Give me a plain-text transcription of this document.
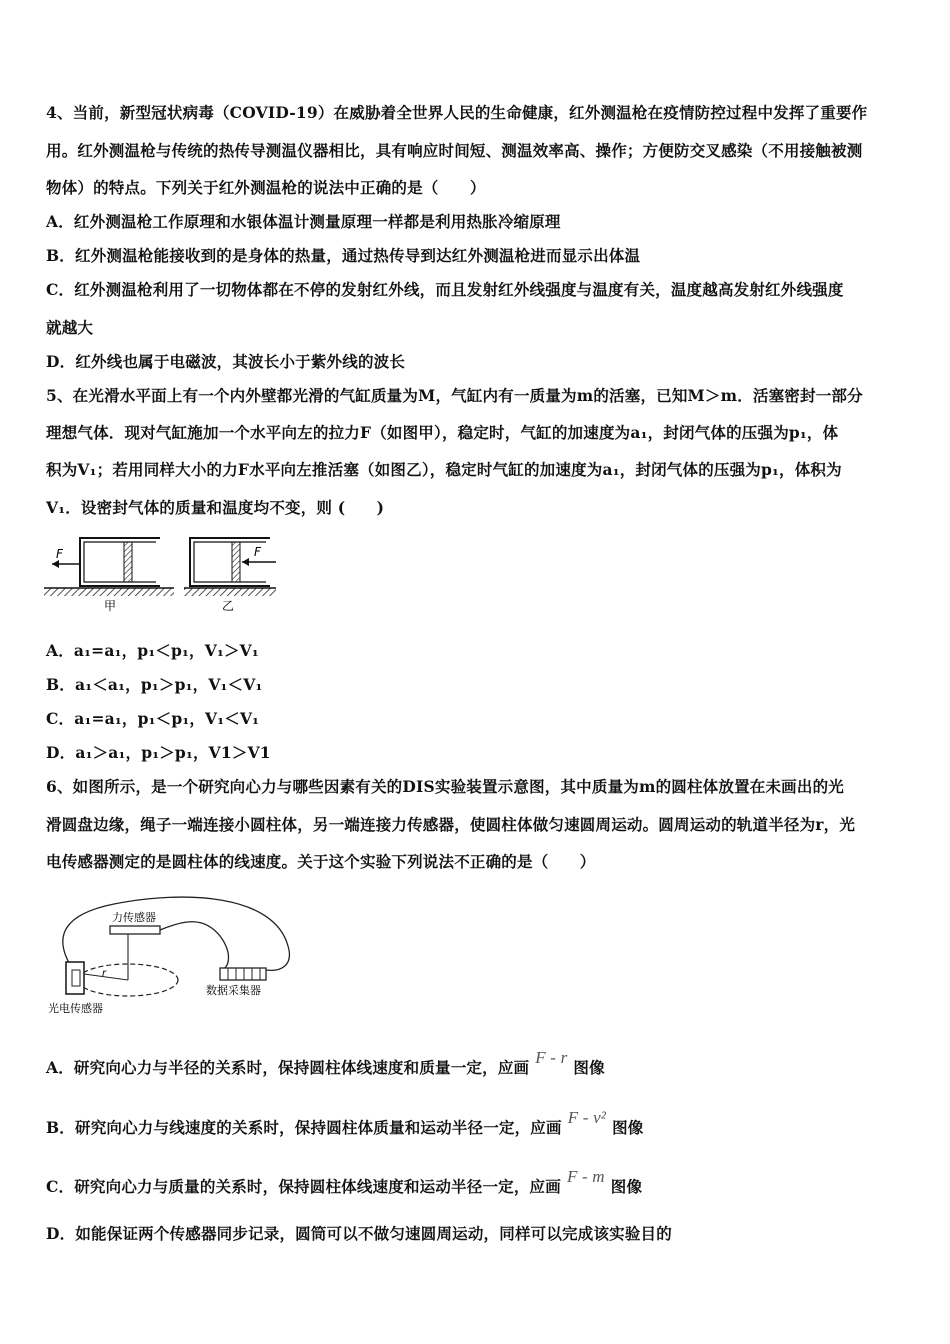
4、当前，新型冠状病毒（COVID-19）在威胁着全世界人民的生命健康，红外测温枪在疫情防控过程中发挥了重要作
用。红外测温枪与传统的热传导测温仪器相比，具有响应时间短、测温效率高、操作；方便防交叉感染（不用接触被测
物体）的特点。下列关于红外测温枪的说法中正确的是（　　）
A．红外测温枪工作原理和水银体温计测量原理一样都是利用热胀冷缩原理
B．红外测温枪能接收到的是身体的热量，通过热传导到达红外测温枪进而显示出体温
C．红外测温枪利用了一切物体都在不停的发射红外线，而且发射红外线强度与温度有关，温度越高发射红外线强度
就越大
D．红外线也属于电磁波，其波长小于紫外线的波长
5、在光滑水平面上有一个内外壁都光滑的气缸质量为M，气缸内有一质量为m的活塞，已知M＞m．活塞密封一部分
理想气体．现对气缸施加一个水平向左的拉力F（如图甲），稳定时，气缸的加速度为a₁，封闭气体的压强为p₁，体
积为V₁；若用同样大小的力F水平向左推活塞（如图乙），稳定时气缸的加速度为a₁，封闭气体的压强为p₁，体积为
V₁．设密封气体的质量和温度均不变，则 (　　)
F
甲
F
乙
A．a₁=a₁，p₁＜p₁，V₁＞V₁
B．a₁＜a₁，p₁＞p₁，V₁＜V₁
C．a₁=a₁，p₁＜p₁，V₁＜V₁
D．a₁＞a₁，p₁＞p₁，V1＞V1
6、如图所示，是一个研究向心力与哪些因素有关的DIS实验装置示意图，其中质量为m的圆柱体放置在未画出的光
滑圆盘边缘，绳子一端连接小圆柱体，另一端连接力传感器，使圆柱体做匀速圆周运动。圆周运动的轨道半径为r，光
电传感器测定的是圆柱体的线速度。关于这个实验下列说法不正确的是（　　）
力传感器
r
光电传感器
数据采集器
A．研究向心力与半径的关系时，保持圆柱体线速度和质量一定，应画F - r图像
B．研究向心力与线速度的关系时，保持圆柱体质量和运动半径一定，应画F - v²图像
C．研究向心力与质量的关系时，保持圆柱体线速度和运动半径一定，应画F - m图像
D．如能保证两个传感器同步记录，圆筒可以不做匀速圆周运动，同样可以完成该实验目的
